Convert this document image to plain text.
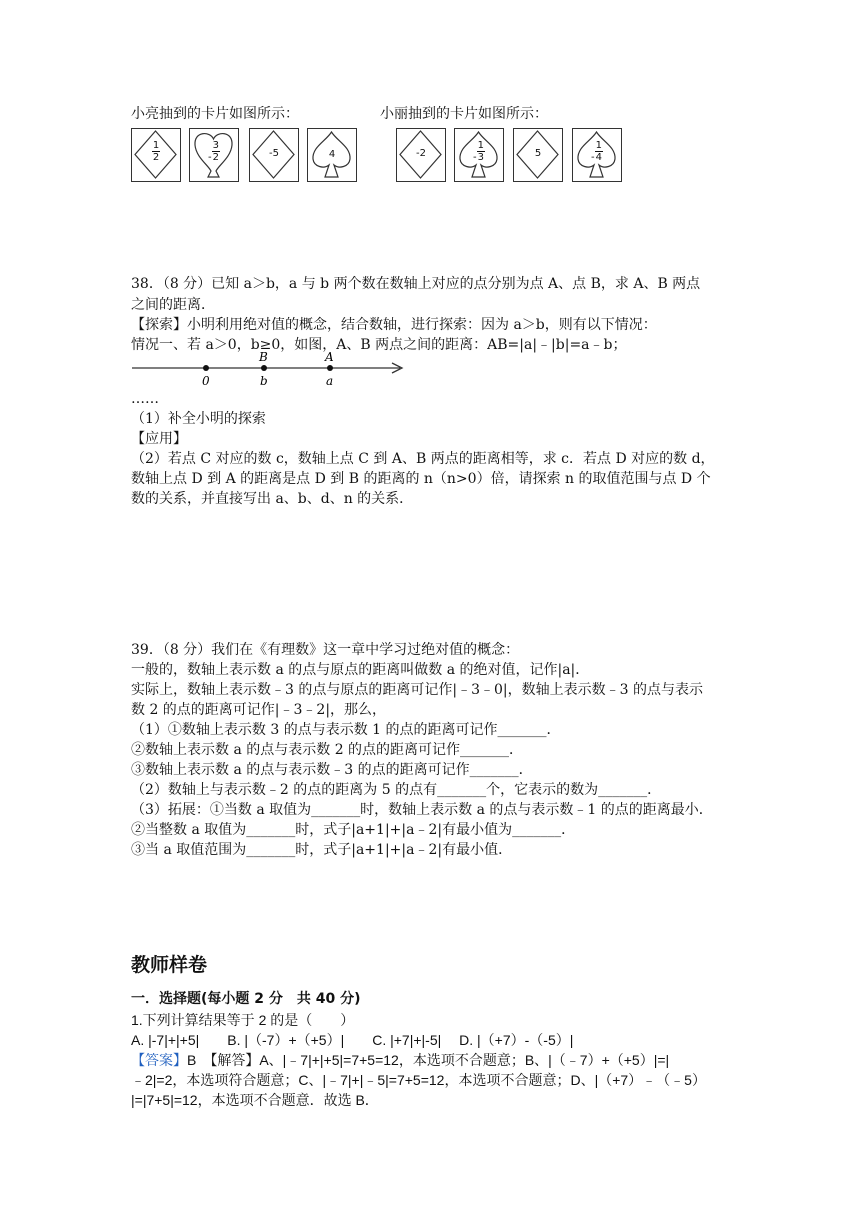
小亮抽到的卡片如图所示：	小丽抽到的卡片如图所示：
$\frac{1}{2}$	- $\frac{3}{2}$	-5	4	-2	- $\frac{1}{3}$	5	- $\frac{1}{4}$
38．（8 分）已知 a＞b，a 与 b 两个数在数轴上对应的点分别为点 A、点 B，求 A、B 两点
之间的距离．
【探索】小明利用绝对值的概念，结合数轴，进行探索：因为 a＞b，则有以下情况：
情况一、若 a＞0，b≥0，如图，A、B 两点之间的距离：AB=|a|﹣|b|=a﹣b；
0	b	a
B	A
……
（1）补全小明的探索
【应用】
（2）若点 C 对应的数 c，数轴上点 C 到 A、B 两点的距离相等，求 c．若点 D 对应的数 d，
数轴上点 D 到 A 的距离是点 D 到 B 的距离的 n（n>0）倍，请探索 n 的取值范围与点 D 个
数的关系，并直接写出 a、b、d、n 的关系．
39．（8 分）我们在《有理数》这一章中学习过绝对值的概念：
一般的，数轴上表示数 a 的点与原点的距离叫做数 a 的绝对值，记作|a|．
实际上，数轴上表示数﹣3 的点与原点的距离可记作|﹣3﹣0|，数轴上表示数﹣3 的点与表示
数 2 的点的距离可记作|﹣3﹣2|，那么，
（1）①数轴上表示数 3 的点与表示数 1 的点的距离可记作_______．
②数轴上表示数 a 的点与表示数 2 的点的距离可记作_______．
③数轴上表示数 a 的点与表示数﹣3 的点的距离可记作_______．
（2）数轴上与表示数﹣2 的点的距离为 5 的点有_______个，它表示的数为_______．
（3）拓展：①当数 a 取值为_______时，数轴上表示数 a 的点与表示数﹣1 的点的距离最小．
②当整数 a 取值为_______时，式子|a+1|+|a﹣2|有最小值为_______．
③当 a 取值范围为_______时，式子|a+1|+|a﹣2|有最小值．
教师样卷
一．选择题(每小题 2 分　共 40 分)
1.下列计算结果等于 2 的是（　　）
A. |-7|+|+5|　　B. |（-7）+（+5）|　　C. |+7|+|-5|　 D. |（+7）-（-5）|
【答案】B　【解答】A、|﹣7|+|+5|=7+5=12，本选项不合题意；B、|（﹣7）+（+5）|=|
﹣2|=2，本选项符合题意；C、|﹣7|+|﹣5|=7+5=12，本选项不合题意；D、|（+7）﹣（﹣5）
|=|7+5|=12，本选项不合题意．故选 B．
